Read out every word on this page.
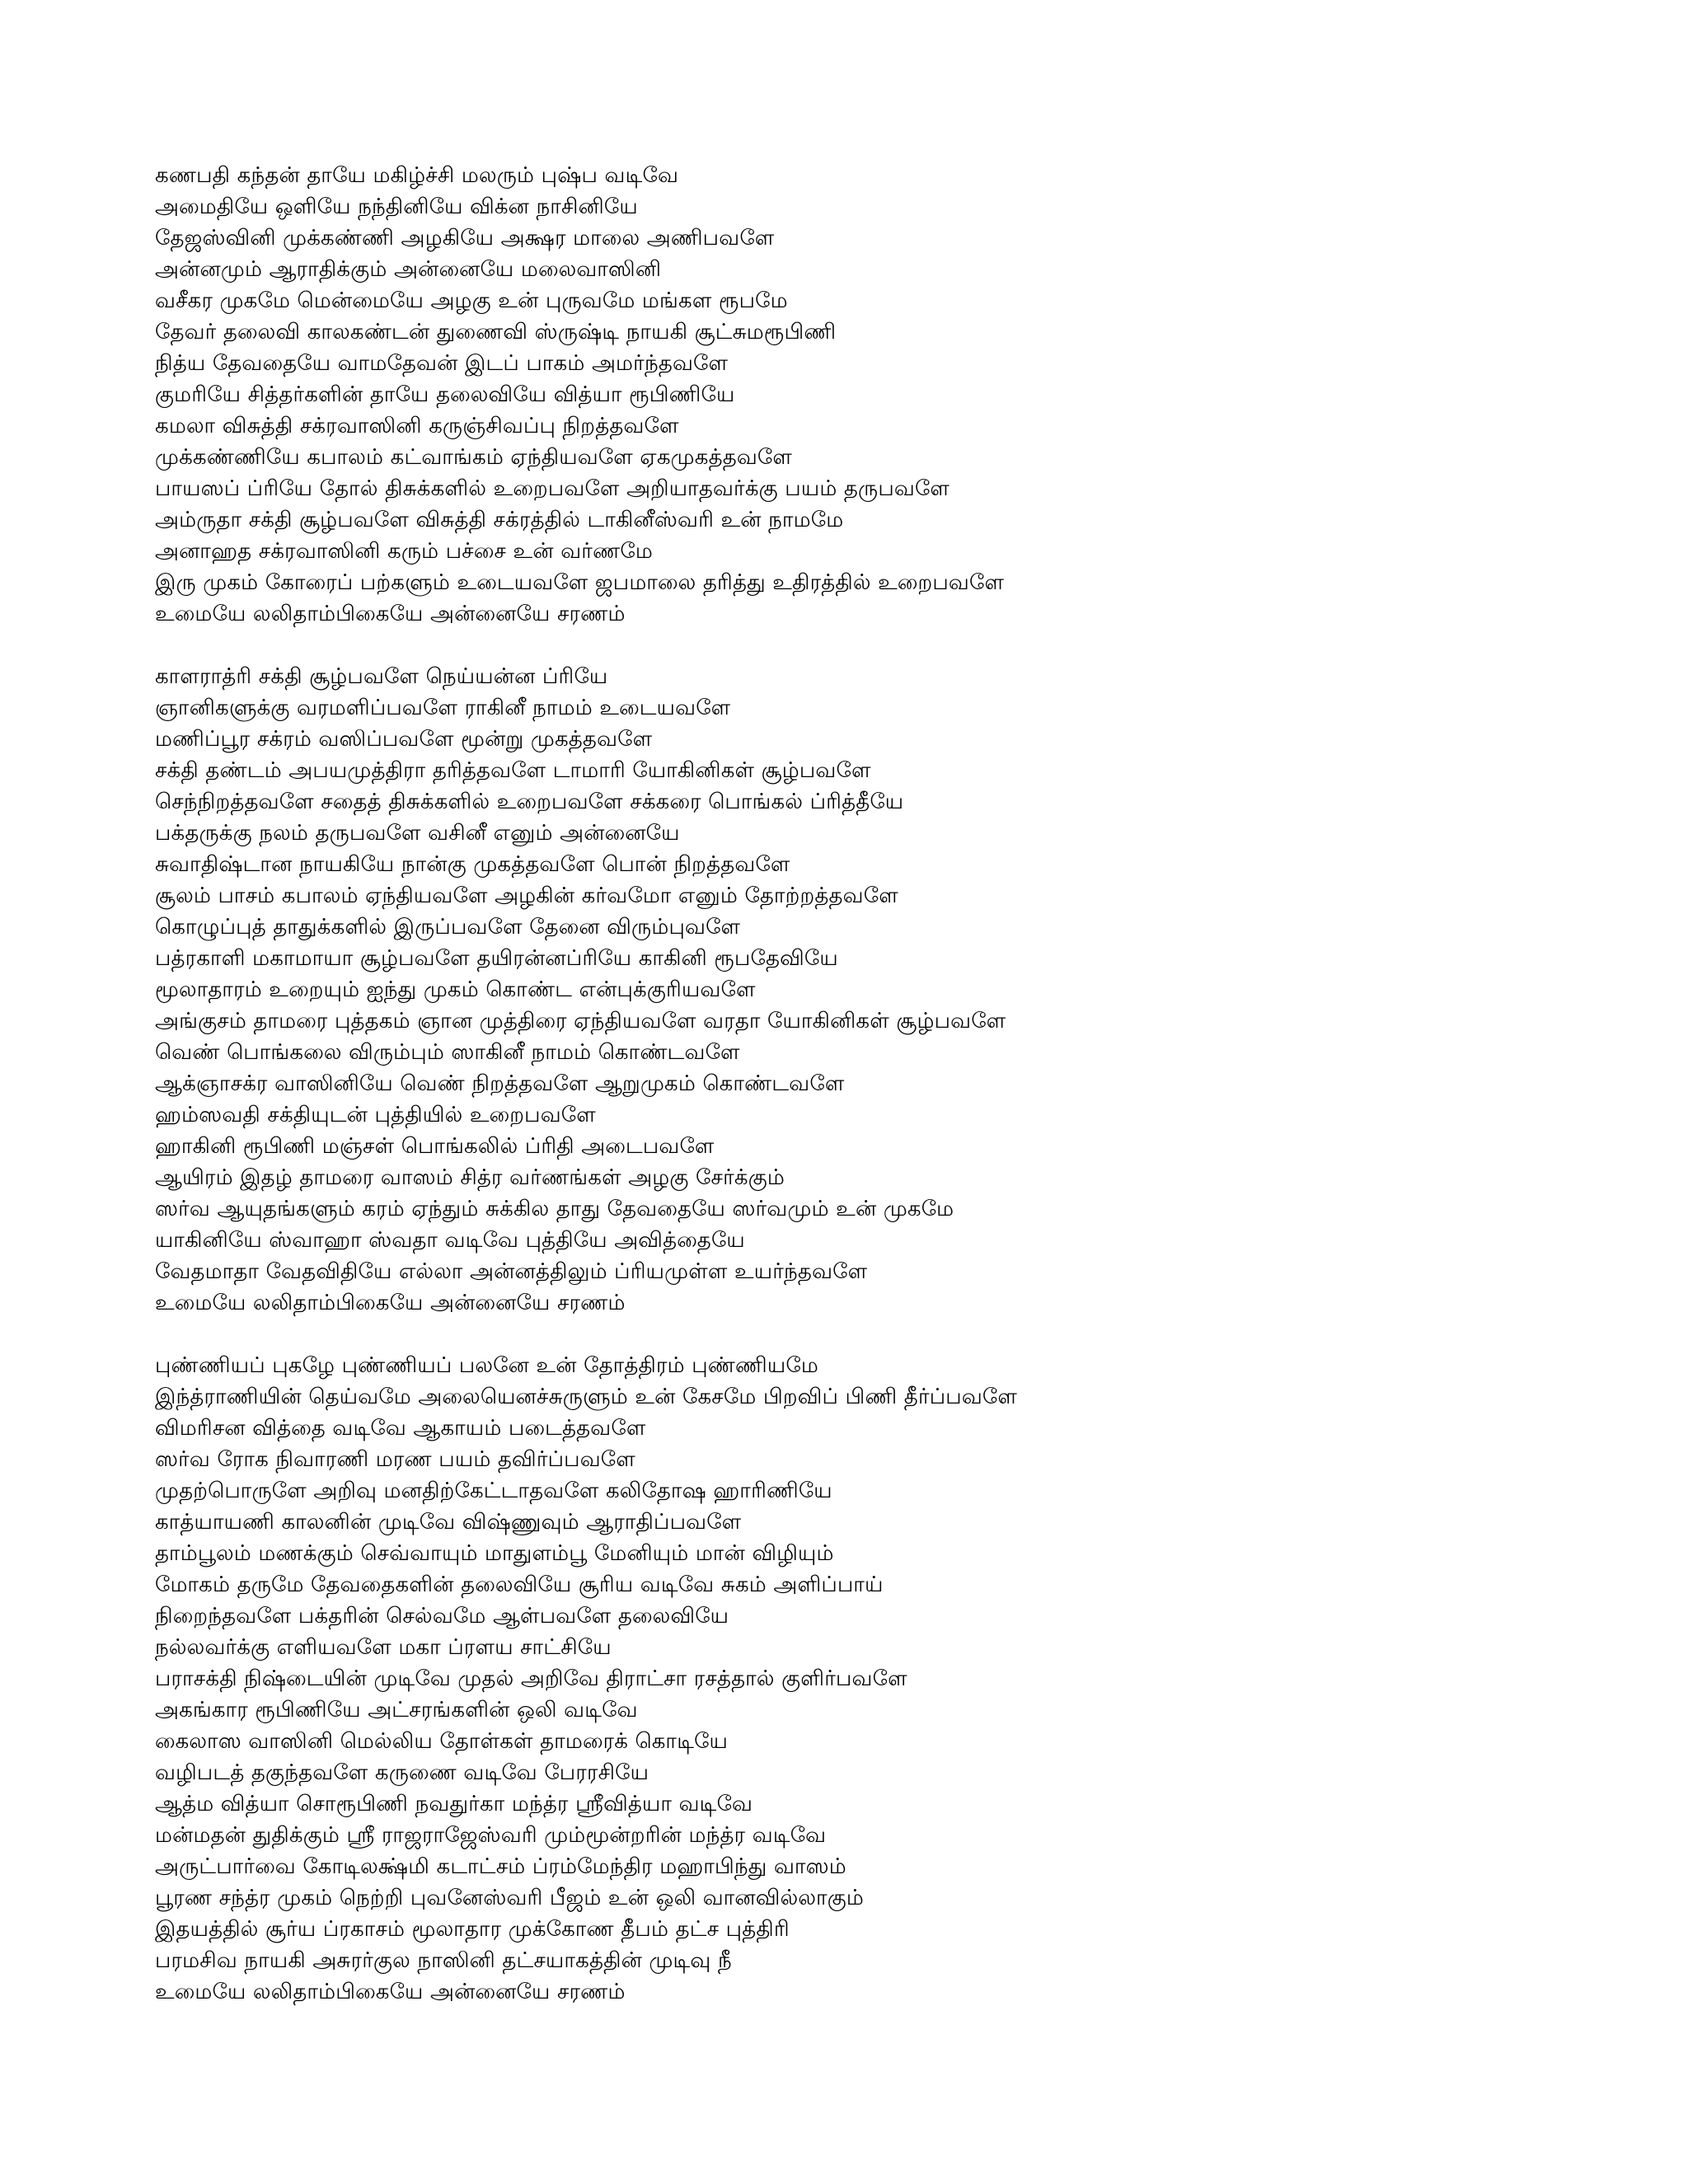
கணபதி கந்தன் தாயே மகிழ்ச்சி மலரும் புஷ்ப வடிவே
அமைதியே ஒளியே நந்தினியே விக்ன நாசினியே
தேஜஸ்வினி முக்கண்ணி அழகியே அக்ஷர மாலை அணிபவளே
அன்னமும் ஆராதிக்கும் அன்னையே மலைவாஸினி
வசீகர முகமே மென்மையே அழகு உன் புருவமே மங்கள ரூபமே
தேவர் தலைவி காலகண்டன் துணைவி ஸ்ருஷ்டி நாயகி சூட்சுமரூபிணி
நித்ய தேவதையே வாமதேவன் இடப் பாகம் அமர்ந்தவளே
குமரியே சித்தர்களின் தாயே தலைவியே வித்யா ரூபிணியே
கமலா விசுத்தி சக்ரவாஸினி கருஞ்சிவப்பு நிறத்தவளே
முக்கண்ணியே கபாலம் கட்வாங்கம் ஏந்தியவளே ஏகமுகத்தவளே
பாயஸப் ப்ரியே தோல் திசுக்களில் உறைபவளே அறியாதவர்க்கு பயம் தருபவளே
அம்ருதா சக்தி சூழ்பவளே விசுத்தி சக்ரத்தில் டாகினீஸ்வரி உன் நாமமே
அனாஹத சக்ரவாஸினி கரும் பச்சை உன் வர்ணமே
இரு முகம் கோரைப் பற்களும் உடையவளே ஜபமாலை தரித்து உதிரத்தில் உறைபவளே
உமையே லலிதாம்பிகையே அன்னையே சரணம்
காளராத்ரி சக்தி சூழ்பவளே நெய்யன்ன ப்ரியே
ஞானிகளுக்கு வரமளிப்பவளே ராகினீ நாமம் உடையவளே
மணிப்பூர சக்ரம் வஸிப்பவளே மூன்று முகத்தவளே
சக்தி தண்டம் அபயமுத்திரா தரித்தவளே டாமாரி யோகினிகள் சூழ்பவளே
செந்நிறத்தவளே சதைத் திசுக்களில் உறைபவளே சக்கரை பொங்கல் ப்ரித்தீயே
பக்தருக்கு நலம் தருபவளே வசினீ எனும் அன்னையே
சுவாதிஷ்டான நாயகியே நான்கு முகத்தவளே பொன் நிறத்தவளே
சூலம் பாசம் கபாலம் ஏந்தியவளே அழகின் கர்வமோ எனும் தோற்றத்தவளே
கொழுப்புத் தாதுக்களில் இருப்பவளே தேனை விரும்புவளே
பத்ரகாளி மகாமாயா சூழ்பவளே தயிரன்னப்ரியே காகினி ரூபதேவியே
மூலாதாரம் உறையும் ஐந்து முகம் கொண்ட என்புக்குரியவளே
அங்குசம் தாமரை புத்தகம் ஞான முத்திரை ஏந்தியவளே வரதா யோகினிகள் சூழ்பவளே
வெண் பொங்கலை விரும்பும் ஸாகினீ நாமம் கொண்டவளே
ஆக்ஞாசக்ர வாஸினியே வெண் நிறத்தவளே ஆறுமுகம் கொண்டவளே
ஹம்ஸவதி சக்தியுடன் புத்தியில் உறைபவளே
ஹாகினி ரூபிணி மஞ்சள் பொங்கலில் ப்ரிதி அடைபவளே
ஆயிரம் இதழ் தாமரை வாஸம் சித்ர வர்ணங்கள் அழகு சேர்க்கும்
ஸர்வ ஆயுதங்களும் கரம் ஏந்தும் சுக்கில தாது தேவதையே ஸர்வமும் உன் முகமே
யாகினியே ஸ்வாஹா ஸ்வதா வடிவே புத்தியே அவித்தையே
வேதமாதா வேதவிதியே எல்லா அன்னத்திலும் ப்ரியமுள்ள உயர்ந்தவளே
உமையே லலிதாம்பிகையே அன்னையே சரணம்
புண்ணியப் புகழே புண்ணியப் பலனே உன் தோத்திரம் புண்ணியமே
இந்த்ராணியின் தெய்வமே அலையெனச்சுருளும் உன் கேசமே பிறவிப் பிணி தீர்ப்பவளே
விமரிசன வித்தை வடிவே ஆகாயம் படைத்தவளே
ஸர்வ ரோக நிவாரணி மரண பயம் தவிர்ப்பவளே
முதற்பொருளே அறிவு மனதிற்கேட்டாதவளே கலிதோஷ ஹாரிணியே
காத்யாயணி காலனின் முடிவே விஷ்ணுவும் ஆராதிப்பவளே
தாம்பூலம் மணக்கும் செவ்வாயும் மாதுளம்பூ மேனியும் மான் விழியும்
மோகம் தருமே தேவதைகளின் தலைவியே சூரிய வடிவே சுகம் அளிப்பாய்
நிறைந்தவளே பக்தரின் செல்வமே ஆள்பவளே தலைவியே
நல்லவர்க்கு எளியவளே மகா ப்ரளய சாட்சியே
பராசக்தி நிஷ்டையின் முடிவே முதல் அறிவே திராட்சா ரசத்தால் குளிர்பவளே
அகங்கார ரூபிணியே அட்சரங்களின் ஒலி வடிவே
கைலாஸ வாஸினி மெல்லிய தோள்கள் தாமரைக் கொடியே
வழிபடத் தகுந்தவளே கருணை வடிவே பேரரசியே
ஆத்ம வித்யா சொரூபிணி நவதுர்கா மந்த்ர ஸ்ரீவித்யா வடிவே
மன்மதன் துதிக்கும் ஸ்ரீ ராஜராஜேஸ்வரி மும்மூன்றரின் மந்த்ர வடிவே
அருட்பார்வை கோடிலக்ஷ்மி கடாட்சம் ப்ரம்மேந்திர மஹாபிந்து வாஸம்
பூரண சந்த்ர முகம் நெற்றி புவனேஸ்வரி பீஜம் உன் ஒலி வானவில்லாகும்
இதயத்தில் சூர்ய ப்ரகாசம் மூலாதார முக்கோண தீபம் தட்ச புத்திரி
பரமசிவ நாயகி அசுரர்குல நாஸினி தட்சயாகத்தின் முடிவு நீ
உமையே லலிதாம்பிகையே அன்னையே சரணம்
